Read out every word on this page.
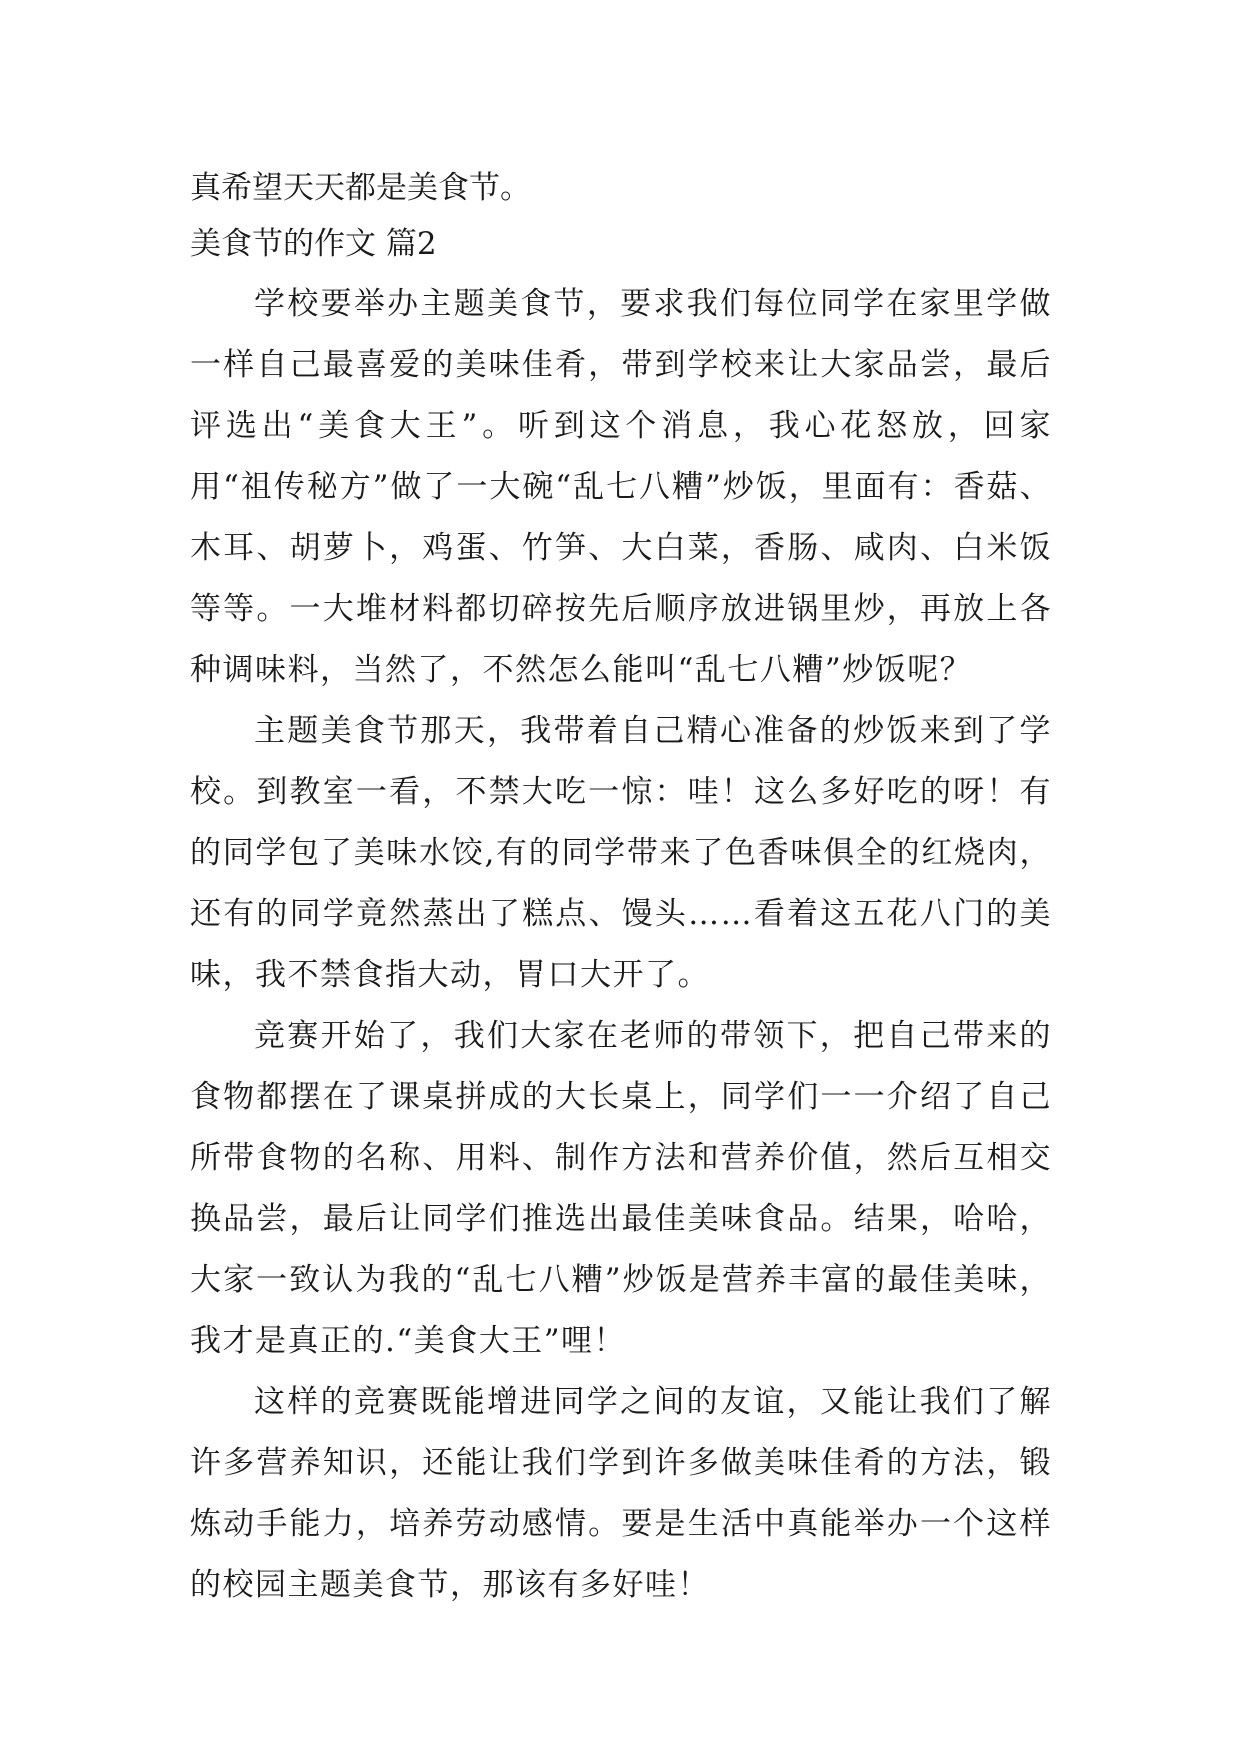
真希望天天都是美食节。

美食节的作文 篇2

学校要举办主题美食节，要求我们每位同学在家里学做一样自己最喜爱的美味佳肴，带到学校来让大家品尝，最后评选出“美食大王”。听到这个消息，我心花怒放，回家用“祖传秘方”做了一大碗“乱七八糟”炒饭，里面有：香菇、木耳、胡萝卜，鸡蛋、竹笋、大白菜，香肠、咸肉、白米饭等等。一大堆材料都切碎按先后顺序放进锅里炒，再放上各种调味料，当然了，不然怎么能叫“乱七八糟”炒饭呢？

主题美食节那天，我带着自己精心准备的炒饭来到了学校。到教室一看，不禁大吃一惊：哇！这么多好吃的呀！有的同学包了美味水饺,有的同学带来了色香味俱全的红烧肉，还有的同学竟然蒸出了糕点、馒头……看着这五花八门的美味，我不禁食指大动，胃口大开了。

竞赛开始了，我们大家在老师的带领下，把自己带来的食物都摆在了课桌拼成的大长桌上，同学们一一介绍了自己所带食物的名称、用料、制作方法和营养价值，然后互相交换品尝，最后让同学们推选出最佳美味食品。结果，哈哈，大家一致认为我的“乱七八糟”炒饭是营养丰富的最佳美味，我才是真正的.“美食大王”哩！

这样的竞赛既能增进同学之间的友谊，又能让我们了解许多营养知识，还能让我们学到许多做美味佳肴的方法，锻炼动手能力，培养劳动感情。要是生活中真能举办一个这样的校园主题美食节，那该有多好哇！
